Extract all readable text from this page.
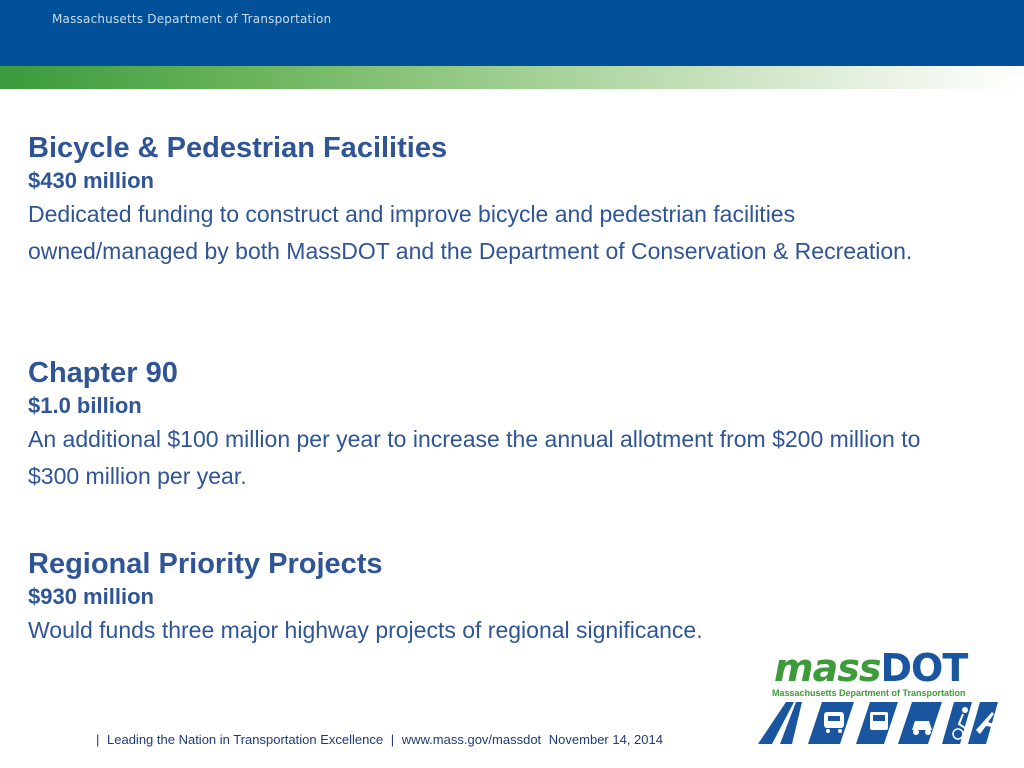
Massachusetts Department of Transportation
Bicycle & Pedestrian Facilities
$430 million
Dedicated funding to construct and improve bicycle and pedestrian facilities owned/managed by both MassDOT and the Department of Conservation & Recreation.
Chapter 90
$1.0 billion
An additional $100 million per year to increase the annual allotment from $200 million to $300 million per year.
Regional Priority Projects
$930 million
Would funds three major highway projects of regional significance.
| Leading the Nation in Transportation Excellence | www.mass.gov/massdot November 14, 2014
massDOT
Massachusetts Department of Transportation
